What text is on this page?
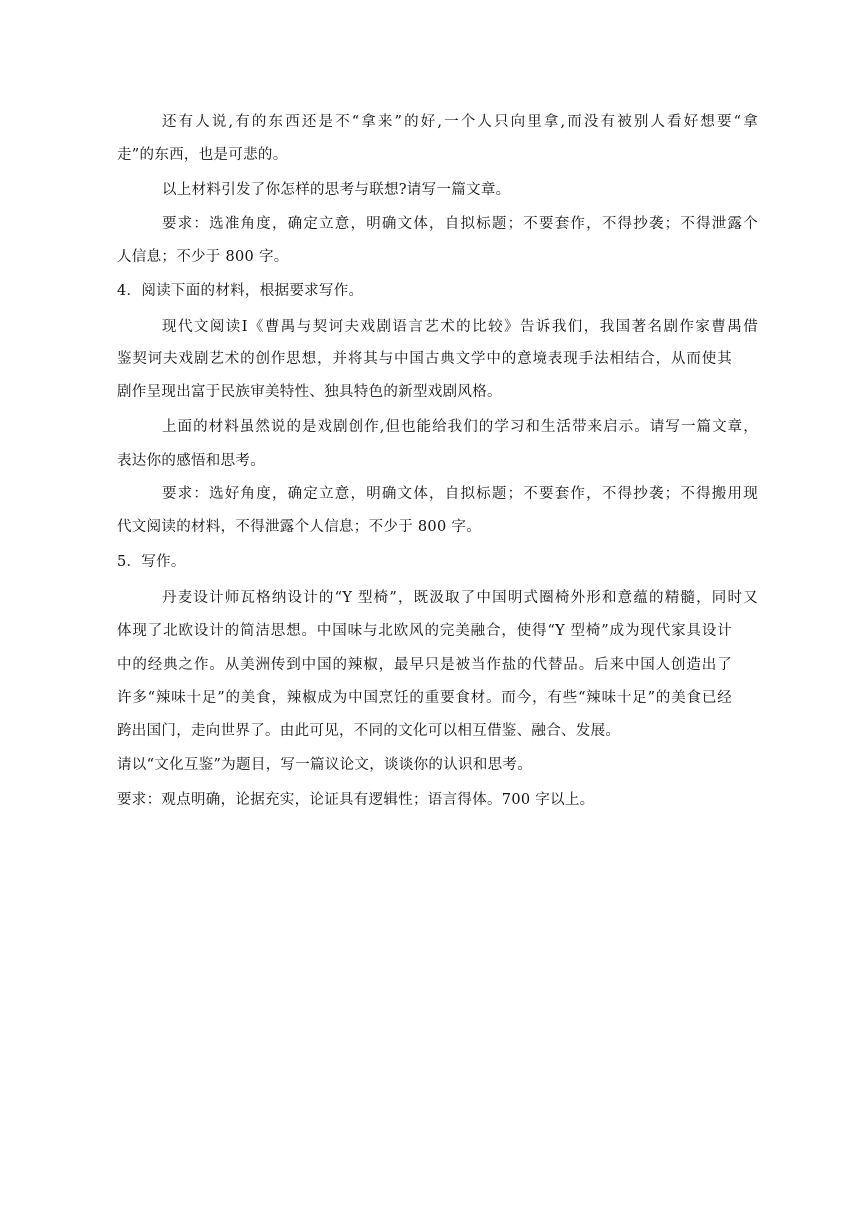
还有人说,有的东西还是不“拿来”的好,一个人只向里拿,而没有被别人看好想要“拿
走”的东西，也是可悲的。
以上材料引发了你怎样的思考与联想?请写一篇文章。
要求：选准角度，确定立意，明确文体，自拟标题；不要套作，不得抄袭；不得泄露个
人信息；不少于 800 字。
4．阅读下面的材料，根据要求写作。
现代文阅读Ⅰ《曹禺与契诃夫戏剧语言艺术的比较》告诉我们，我国著名剧作家曹禺借
鉴契诃夫戏剧艺术的创作思想，并将其与中国古典文学中的意境表现手法相结合，从而使其
剧作呈现出富于民族审美特性、独具特色的新型戏剧风格。
上面的材料虽然说的是戏剧创作,但也能给我们的学习和生活带来启示。请写一篇文章，
表达你的感悟和思考。
要求：选好角度，确定立意，明确文体，自拟标题；不要套作，不得抄袭；不得搬用现
代文阅读的材料，不得泄露个人信息；不少于 800 字。
5．写作。
丹麦设计师瓦格纳设计的“Y 型椅”，既汲取了中国明式圈椅外形和意蕴的精髓，同时又
体现了北欧设计的简洁思想。中国味与北欧风的完美融合，使得“Y 型椅”成为现代家具设计
中的经典之作。从美洲传到中国的辣椒，最早只是被当作盐的代替品。后来中国人创造出了
许多“辣味十足”的美食，辣椒成为中国烹饪的重要食材。而今，有些“辣味十足”的美食已经
跨出国门，走向世界了。由此可见，不同的文化可以相互借鉴、融合、发展。
请以“文化互鉴”为题目，写一篇议论文，谈谈你的认识和思考。
要求：观点明确，论据充实，论证具有逻辑性；语言得体。700 字以上。
